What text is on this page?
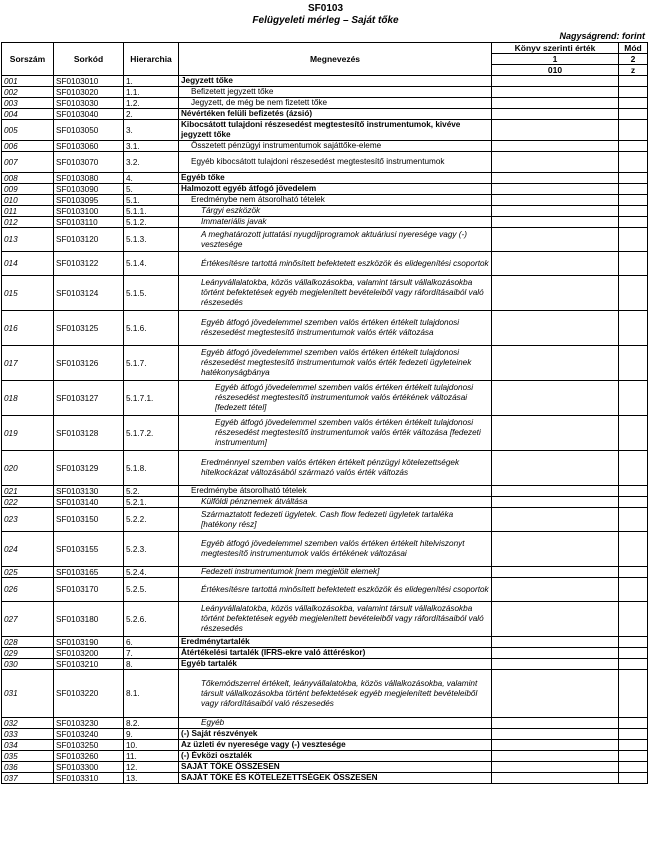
SF0103
Felügyeleti mérleg – Saját tőke
Nagyságrend: forint
Sorszám	Sorkód	Hierarchia	Megnevezés	Könyv szerinti érték	Mód
				1	2
				010	z
001	SF0103010	1.	Jegyzett tőke		
002	SF0103020	1.1.	Befizetett jegyzett tőke		
003	SF0103030	1.2.	Jegyzett, de még be nem fizetett tőke		
004	SF0103040	2.	Névértéken felüli befizetés (ázsió)		
005	SF0103050	3.	Kibocsátott tulajdoni részesedést megtestesítő instrumentumok, kivéve jegyzett tőke		
006	SF0103060	3.1.	Összetett pénzügyi instrumentumok sajáttőke-eleme		
007	SF0103070	3.2.	Egyéb kibocsátott tulajdoni részesedést megtestesítő instrumentumok		
008	SF0103080	4.	Egyéb tőke		
009	SF0103090	5.	Halmozott egyéb átfogó jövedelem		
010	SF0103095	5.1.	Eredménybe nem átsorolható tételek		
011	SF0103100	5.1.1.	Tárgyi eszközök		
012	SF0103110	5.1.2.	Immateriális javak		
013	SF0103120	5.1.3.	A meghatározott juttatási nyugdíjprogramok aktuáriusi nyeresége vagy (-) vesztesége		
014	SF0103122	5.1.4.	Értékesítésre tartottá minősített befektetett eszközök és elidegenítési csoportok		
015	SF0103124	5.1.5.	Leányvállalatokba, közös vállalkozásokba, valamint társult vállalkozásokba történt befektetések egyéb megjelenített bevételeiből vagy ráfordításaiból való részesedés		
016	SF0103125	5.1.6.	Egyéb átfogó jövedelemmel szemben valós értéken értékelt tulajdonosi részesedést megtestesítő instrumentumok valós érték változása		
017	SF0103126	5.1.7.	Egyéb átfogó jövedelemmel szemben valós értéken értékelt tulajdonosi részesedést megtestesítő instrumentumok valós érték fedezeti ügyleteinek hatékonyságbánya		
018	SF0103127	5.1.7.1.	Egyéb átfogó jövedelemmel szemben valós értéken értékelt tulajdonosi részesedést megtestesítő instrumentumok valós értékének változásai [fedezett tétel]		
019	SF0103128	5.1.7.2.	Egyéb átfogó jövedelemmel szemben valós értéken értékelt tulajdonosi részesedést megtestesítő instrumentumok valós érték változása [fedezeti instrumentum]		
020	SF0103129	5.1.8.	Eredménnyel szemben valós értéken értékelt pénzügyi kötelezettségek hitelkockázat változásából származó valós érték változás		
021	SF0103130	5.2.	Eredménybe átsorolható tételek		
022	SF0103140	5.2.1.	Külföldi pénznemek átváltása		
023	SF0103150	5.2.2.	Származtatott fedezeti ügyletek. Cash flow fedezeti ügyletek tartaléka [hatékony rész]		
024	SF0103155	5.2.3.	Egyéb átfogó jövedelemmel szemben valós értéken értékelt hitelviszonyt megtestesítő instrumentumok valós értékének változásai		
025	SF0103165	5.2.4.	Fedezeti instrumentumok [nem megjelölt elemek]		
026	SF0103170	5.2.5.	Értékesítésre tartottá minősített befektetett eszközök és elidegenítési csoportok		
027	SF0103180	5.2.6.	Leányvállalatokba, közös vállalkozásokba, valamint társult vállalkozásokba történt befektetések egyéb megjelenített bevételeiből vagy ráfordításaiból való részesedés		
028	SF0103190	6.	Eredménytartalék		
029	SF0103200	7.	Átértékelési tartalék (IFRS-ekre való áttéréskor)		
030	SF0103210	8.	Egyéb tartalék		
031	SF0103220	8.1.	Tőkemódszerrel értékelt, leányvállalatokba, közös vállalkozásokba, valamint társult vállalkozásokba történt befektetések egyéb megjelenített bevételeiből vagy ráfordításaiból való részesedés		
032	SF0103230	8.2.	Egyéb		
033	SF0103240	9.	(-) Saját részvények		
034	SF0103250	10.	Az üzleti év nyeresége vagy (-) vesztesége		
035	SF0103260	11.	(-) Évközi osztalék		
036	SF0103300	12.	SAJÁT TŐKE ÖSSZESEN		
037	SF0103310	13.	SAJÁT TŐKE ÉS KÖTELEZETTSÉGEK ÖSSZESEN		
